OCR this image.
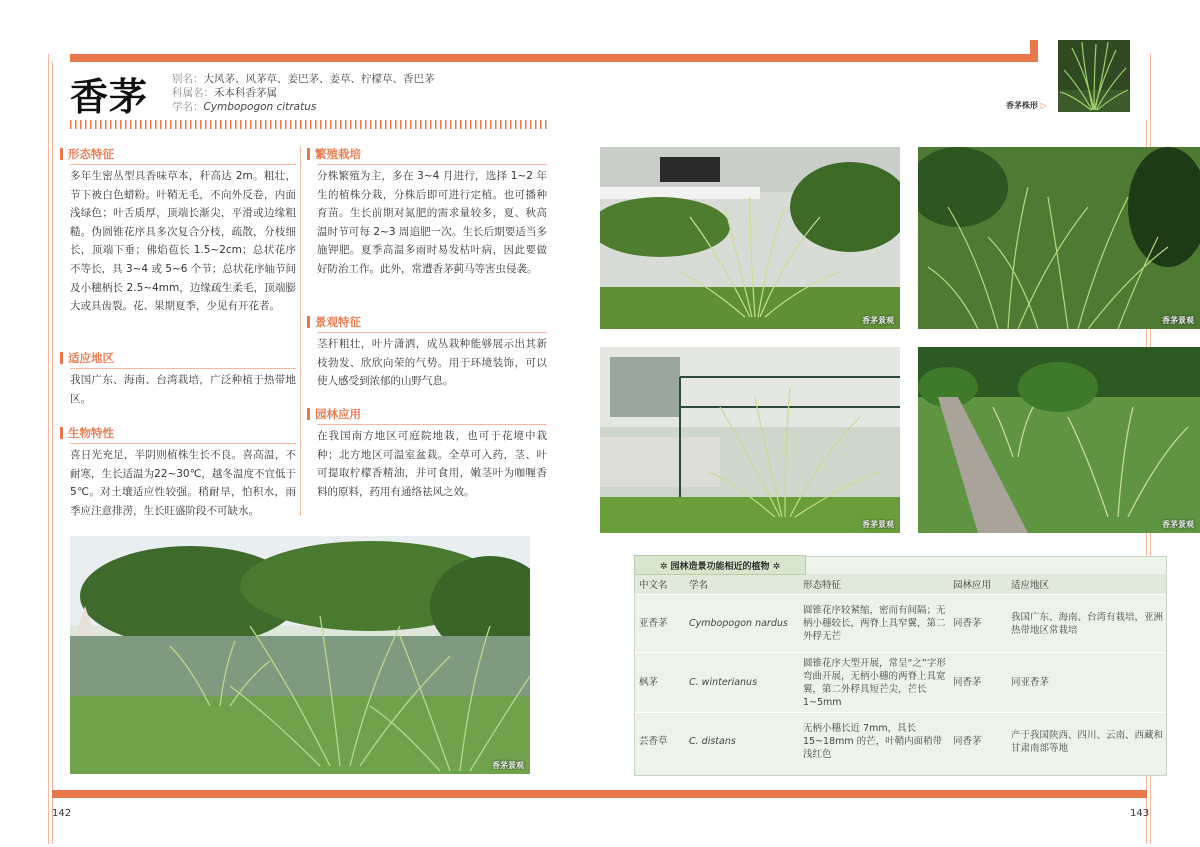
香茅 别名：大风茅、风茅草、姜巴茅、姜草、柠檬草、香巴茅
科属名：禾本科香茅属
学名：Cymbopogon citratus	香茅株形 ▷
形态特征
多年生密丛型具香味草本，秆高达 2m。粗壮，节下被白色蜡粉。叶鞘无毛，不向外反卷，内面浅绿色；叶舌质厚，顶端长渐尖，平滑或边缘粗糙。伪圆锥花序具多次复合分枝，疏散，分枝细长，顶端下垂；佛焰苞长 1.5~2cm；总状花序不等长，具 3~4 或 5~6 个节；总状花序轴节间及小穗柄长 2.5~4mm，边缘疏生柔毛，顶端膨大或具齿裂。花、果期夏季，少见有开花者。
适应地区
我国广东、海南、台湾栽培，广泛种植于热带地区。
生物特性
喜日光充足，半阴则植株生长不良。喜高温，不耐寒，生长适温为22~30℃，越冬温度不宜低于5℃。对土壤适应性较强。稍耐旱，怕积水，雨季应注意排涝，生长旺盛阶段不可缺水。
繁殖栽培
分株繁殖为主，多在 3~4 月进行，选择 1~2 年生的植株分栽，分株后即可进行定植。也可播种育苗。生长前期对氮肥的需求量较多，夏、秋高温时节可每 2~3 周追肥一次。生长后期要适当多施钾肥。夏季高温多雨时易发枯叶病，因此要做好防治工作。此外，常遭香茅蓟马等害虫侵袭。
景观特征
茎秆粗壮，叶片潇洒，成丛栽种能够展示出其新枝勃发、欣欣向荣的气势。用于环境装饰，可以使人感受到浓郁的山野气息。
园林应用
在我国南方地区可庭院地栽，也可于花境中栽种；北方地区可温室盆栽。全草可入药，茎、叶可提取柠檬香精油，并可食用，嫩茎叶为咖喱香料的原料，药用有通络祛风之效。
香茅景观
香茅景观	香茅景观
香茅景观	香茅景观
中文名	学名	形态特征	园林应用	适应地区
亚香茅	Cymbopogon nardus	圆锥花序较紧缩，密而有间隔；无柄小穗较长，两脊上具窄翼，第二外稃无芒	同香茅	我国广东、海南、台湾有栽培，亚洲热带地区常栽培
枫茅	C. winterianus	圆锥花序大型开展，常呈“之”字形弯曲开展，无柄小穗的两脊上具宽翼，第二外稃具短芒尖，芒长 1~5mm	同香茅	同亚香茅
芸香草	C. distans	无柄小穗长近 7mm，具长 15~18mm 的芒，叶鞘内面稍带浅红色	同香茅	产于我国陕西、四川、云南、西藏和甘肃南部等地
✲ 园林造景功能相近的植物 ✲
142	143
